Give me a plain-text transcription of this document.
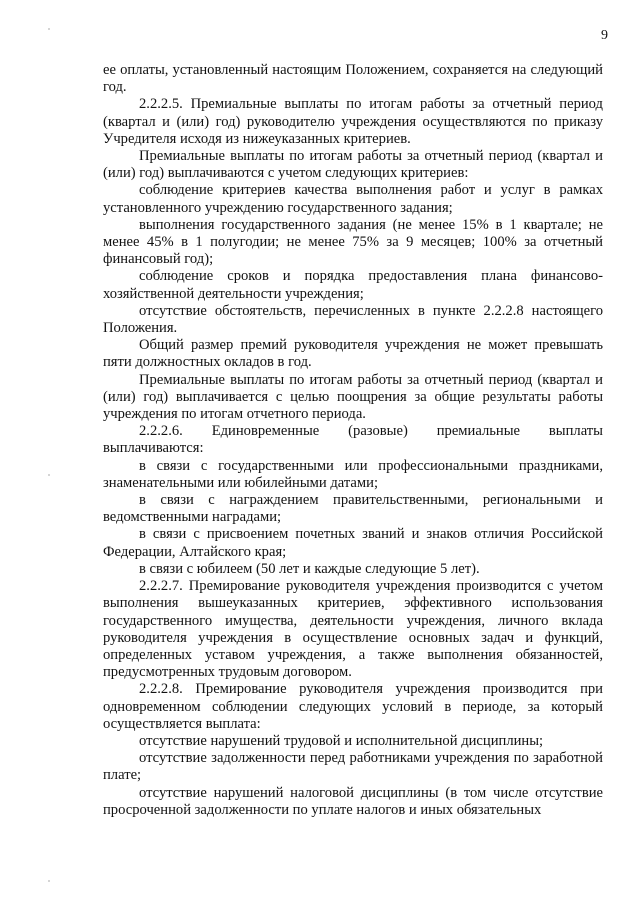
9

ее оплаты, установленный настоящим Положением, сохраняется на следующий год.

2.2.2.5. Премиальные выплаты по итогам работы за отчетный период (квартал и (или) год) руководителю учреждения осуществляются по приказу Учредителя исходя из нижеуказанных критериев.

Премиальные выплаты по итогам работы за отчетный период (квартал и (или) год) выплачиваются с учетом следующих критериев:

соблюдение критериев качества выполнения работ и услуг в рамках установленного учреждению государственного задания;

выполнения государственного задания (не менее 15% в 1 квартале; не менее 45% в 1 полугодии; не менее 75% за 9 месяцев; 100% за отчетный финансовый год);

соблюдение сроков и порядка предоставления плана финансово-хозяйственной деятельности учреждения;

отсутствие обстоятельств, перечисленных в пункте 2.2.2.8 настоящего Положения.

Общий размер премий руководителя учреждения не может превышать пяти должностных окладов в год.

Премиальные выплаты по итогам работы за отчетный период (квартал и (или) год) выплачивается с целью поощрения за общие результаты работы учреждения по итогам отчетного периода.

2.2.2.6. Единовременные (разовые) премиальные выплаты выплачиваются:

в связи с государственными или профессиональными праздниками, знаменательными или юбилейными датами;

в связи с награждением правительственными, региональными и ведомственными наградами;

в связи с присвоением почетных званий и знаков отличия Российской Федерации, Алтайского края;

в связи с юбилеем (50 лет и каждые следующие 5 лет).

2.2.2.7. Премирование руководителя учреждения производится с учетом выполнения вышеуказанных критериев, эффективного использования государственного имущества, деятельности учреждения, личного вклада руководителя учреждения в осуществление основных задач и функций, определенных уставом учреждения, а также выполнения обязанностей, предусмотренных трудовым договором.

2.2.2.8. Премирование руководителя учреждения производится при одновременном соблюдении следующих условий в периоде, за который осуществляется выплата:

отсутствие нарушений трудовой и исполнительной дисциплины;

отсутствие задолженности перед работниками учреждения по заработной плате;

отсутствие нарушений налоговой дисциплины (в том числе отсутствие просроченной задолженности по уплате налогов и иных обязательных
